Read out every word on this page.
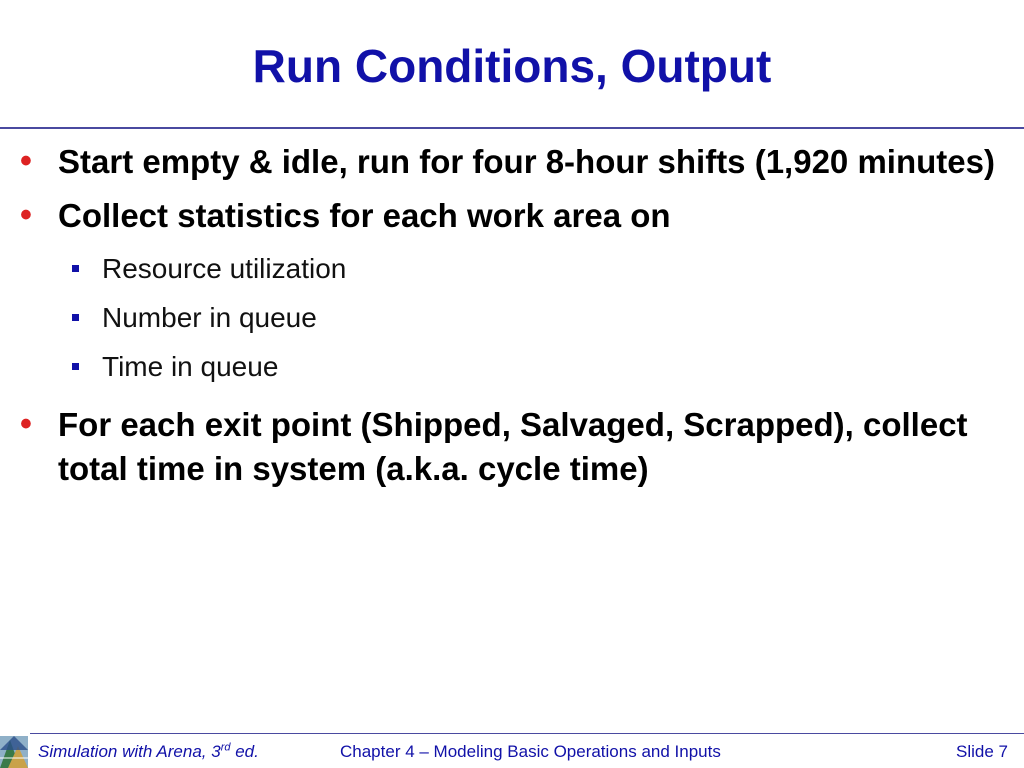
Run Conditions, Output
• Start empty & idle, run for four 8-hour shifts (1,920 minutes)
• Collect statistics for each work area on
Resource utilization
Number in queue
Time in queue
• For each exit point (Shipped, Salvaged, Scrapped), collect total time in system (a.k.a. cycle time)
Simulation with Arena, 3rd ed.	Chapter 4 – Modeling Basic Operations and Inputs	Slide 7
